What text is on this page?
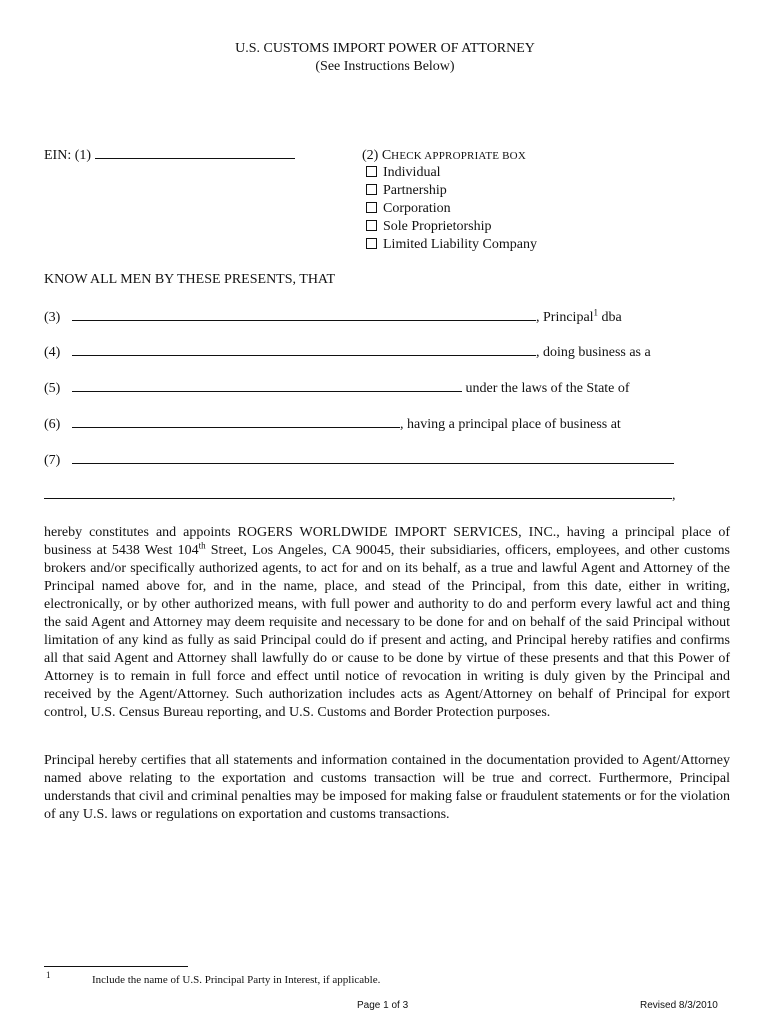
U.S. CUSTOMS IMPORT POWER OF ATTORNEY
(See Instructions Below)
EIN: (1)	(2) CHECK APPROPRIATE BOX
Individual
Partnership
Corporation
Sole Proprietorship
Limited Liability Company
KNOW ALL MEN BY THESE PRESENTS, THAT
(3)	, Principal$^1$ dba
(4)	, doing business as a
(5)	under the laws of the State of
(6)	, having a principal place of business at
(7)
,
hereby constitutes and appoints ROGERS WORLDWIDE IMPORT SERVICES, INC., having a principal place of business at 5438 West 104th Street, Los Angeles, CA 90045, their subsidiaries, officers, employees, and other customs brokers and/or specifically authorized agents, to act for and on its behalf, as a true and lawful Agent and Attorney of the Principal named above for, and in the name, place, and stead of the Principal, from this date, either in writing, electronically, or by other authorized means, with full power and authority to do and perform every lawful act and thing the said Agent and Attorney may deem requisite and necessary to be done for and on behalf of the said Principal without limitation of any kind as fully as said Principal could do if present and acting, and Principal hereby ratifies and confirms all that said Agent and Attorney shall lawfully do or cause to be done by virtue of these presents and that this Power of Attorney is to remain in full force and effect until notice of revocation in writing is duly given by the Principal and received by the Agent/Attorney. Such authorization includes acts as Agent/Attorney on behalf of Principal for export control, U.S. Census Bureau reporting, and U.S. Customs and Border Protection purposes.
Principal hereby certifies that all statements and information contained in the documentation provided to Agent/Attorney named above relating to the exportation and customs transaction will be true and correct. Furthermore, Principal understands that civil and criminal penalties may be imposed for making false or fraudulent statements or for the violation of any U.S. laws or regulations on exportation and customs transactions.
1	Include the name of U.S. Principal Party in Interest, if applicable.
Page 1 of 3	Revised 8/3/2010
